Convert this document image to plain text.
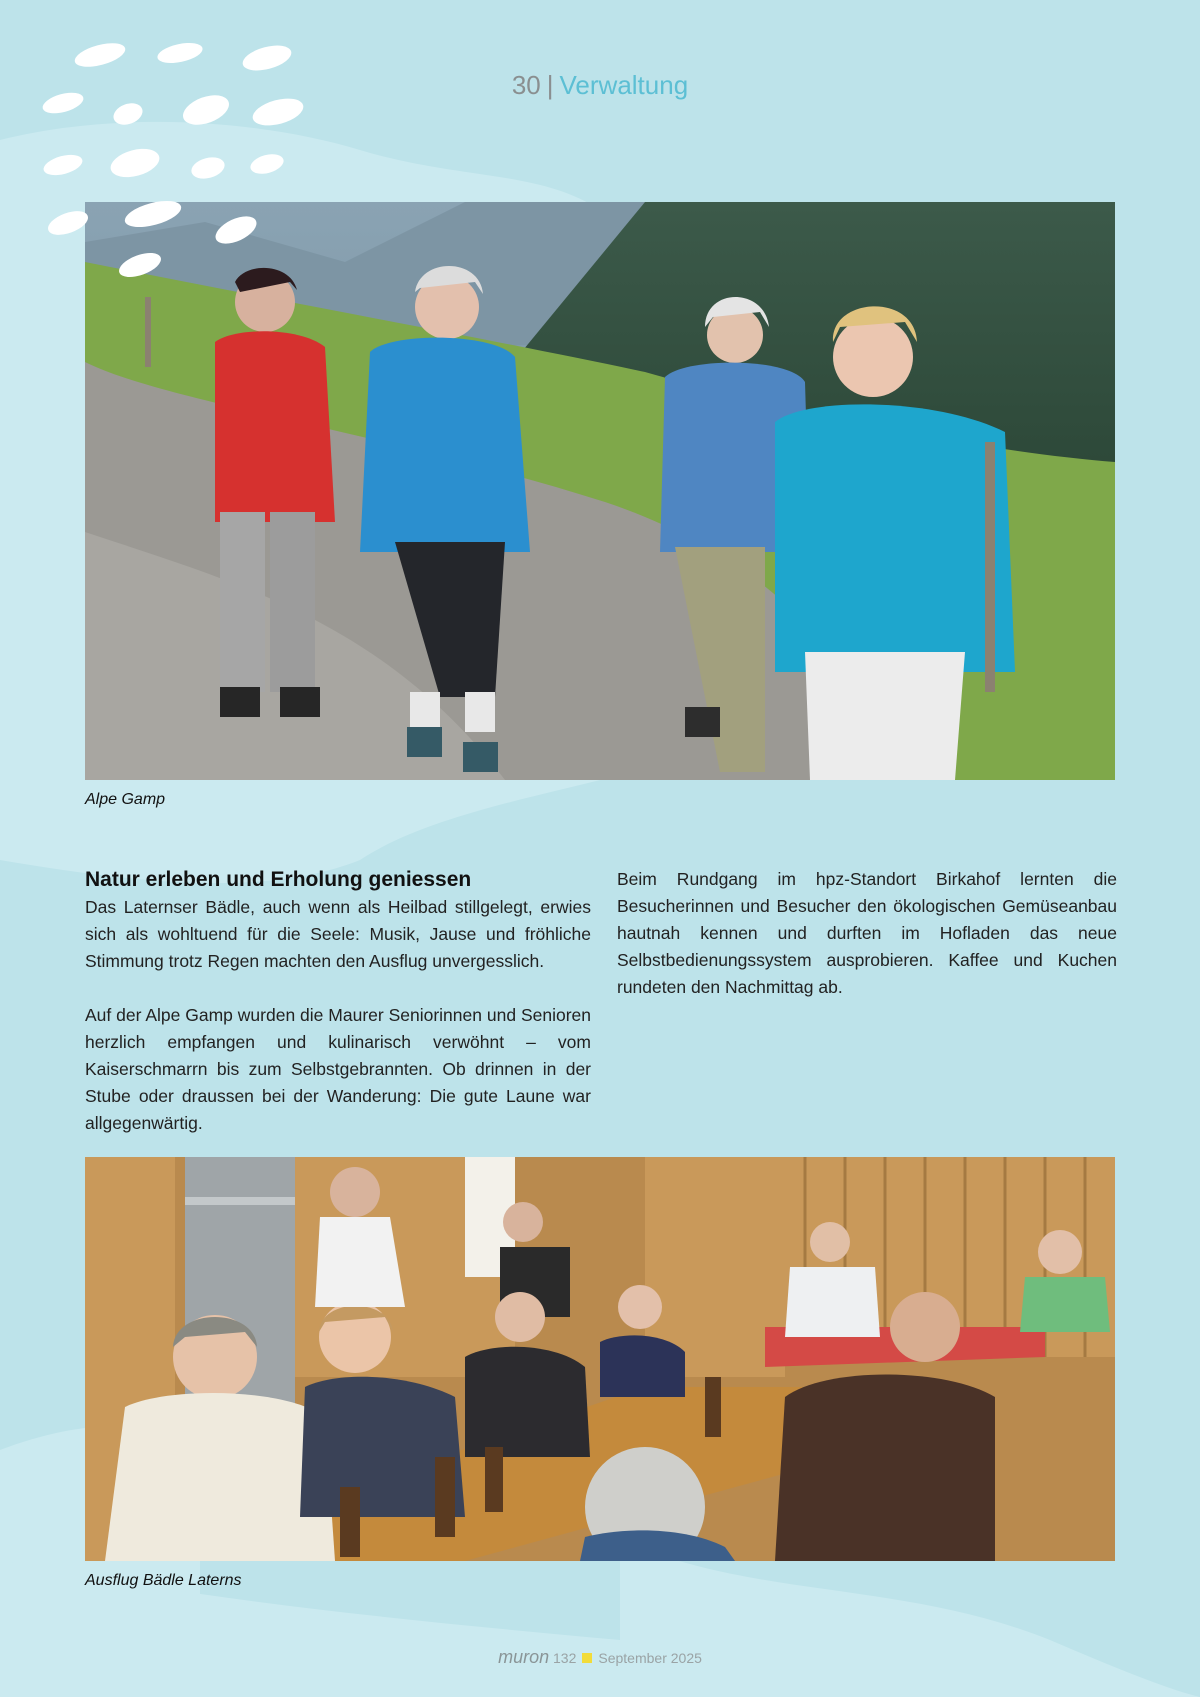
30 | Verwaltung
Alpe Gamp
Natur erleben und Erholung geniessen

Das Laternser Bädle, auch wenn als Heilbad stillgelegt, erwies sich als wohltuend für die Seele: Musik, Jause und fröhliche Stimmung trotz Regen machten den Ausflug unvergesslich.

Auf der Alpe Gamp wurden die Maurer Seniorinnen und Senioren herzlich empfangen und kulinarisch verwöhnt – vom Kaiserschmarrn bis zum Selbstgebrannten. Ob drinnen in der Stube oder draussen bei der Wanderung: Die gute Laune war allgegenwärtig.

Beim Rundgang im hpz-Standort Birkahof lernten die Besucherinnen und Besucher den ökologischen Gemüseanbau hautnah kennen und durften im Hofladen das neue Selbstbedienungssystem ausprobieren. Kaffee und Kuchen rundeten den Nachmittag ab.

Ausflug Bädle Laterns
muron 132 September 2025
